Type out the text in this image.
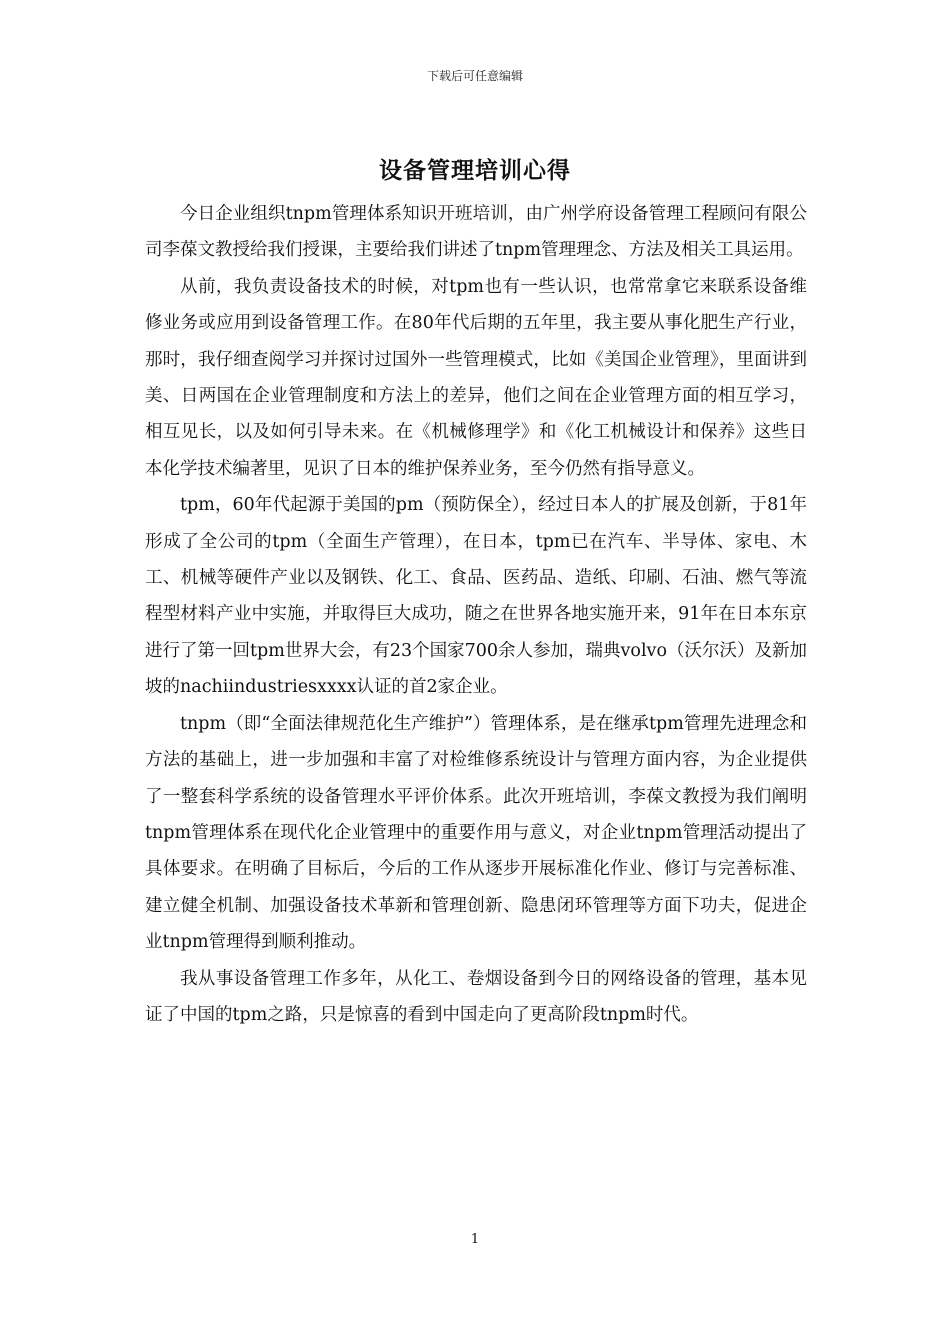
下载后可任意编辑
设备管理培训心得

今日企业组织tnpm管理体系知识开班培训，由广州学府设备管理工程顾问有限公司李葆文教授给我们授课，主要给我们讲述了tnpm管理理念、方法及相关工具运用。

从前，我负责设备技术的时候，对tpm也有一些认识，也常常拿它来联系设备维修业务或应用到设备管理工作。在80年代后期的五年里，我主要从事化肥生产行业，那时，我仔细查阅学习并探讨过国外一些管理模式，比如《美国企业管理》，里面讲到美、日两国在企业管理制度和方法上的差异，他们之间在企业管理方面的相互学习，相互见长，以及如何引导未来。在《机械修理学》和《化工机械设计和保养》这些日本化学技术编著里，见识了日本的维护保养业务，至今仍然有指导意义。

tpm，60年代起源于美国的pm（预防保全），经过日本人的扩展及创新，于81年形成了全公司的tpm（全面生产管理），在日本，tpm已在汽车、半导体、家电、木工、机械等硬件产业以及钢铁、化工、食品、医药品、造纸、印刷、石油、燃气等流程型材料产业中实施，并取得巨大成功，随之在世界各地实施开来，91年在日本东京进行了第一回tpm世界大会，有23个国家700余人参加，瑞典volvo（沃尔沃）及新加坡的nachiindustriesxxxx认证的首2家企业。

tnpm（即“全面法律规范化生产维护”）管理体系，是在继承tpm管理先进理念和方法的基础上，进一步加强和丰富了对检维修系统设计与管理方面内容，为企业提供了一整套科学系统的设备管理水平评价体系。此次开班培训，李葆文教授为我们阐明tnpm管理体系在现代化企业管理中的重要作用与意义，对企业tnpm管理活动提出了具体要求。在明确了目标后，今后的工作从逐步开展标准化作业、修订与完善标准、建立健全机制、加强设备技术革新和管理创新、隐患闭环管理等方面下功夫，促进企业tnpm管理得到顺利推动。

我从事设备管理工作多年，从化工、卷烟设备到今日的网络设备的管理，基本见证了中国的tpm之路，只是惊喜的看到中国走向了更高阶段tnpm时代。

1
